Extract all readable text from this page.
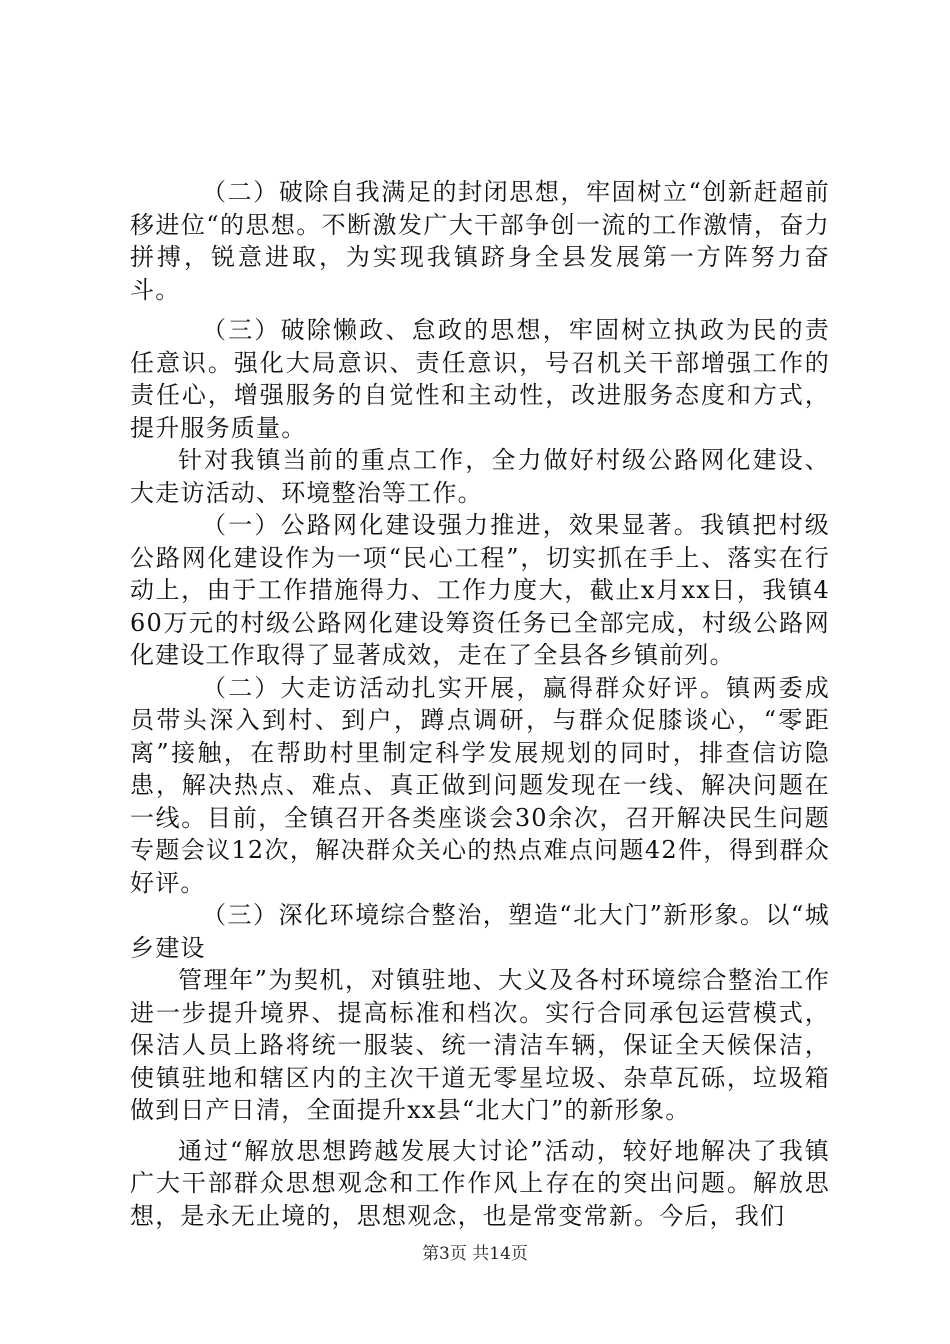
（二）破除自我满足的封闭思想，牢固树立“创新赶超前移进位“的思想。不断激发广大干部争创一流的工作激情，奋力拼搏，锐意进取，为实现我镇跻身全县发展第一方阵努力奋斗。

（三）破除懒政、怠政的思想，牢固树立执政为民的责任意识。强化大局意识、责任意识，号召机关干部增强工作的责任心，增强服务的自觉性和主动性，改进服务态度和方式，提升服务质量。

针对我镇当前的重点工作，全力做好村级公路网化建设、大走访活动、环境整治等工作。

（一）公路网化建设强力推进，效果显著。我镇把村级公路网化建设作为一项“民心工程”，切实抓在手上、落实在行动上，由于工作措施得力、工作力度大，截止x月xx日，我镇460万元的村级公路网化建设筹资任务已全部完成，村级公路网化建设工作取得了显著成效，走在了全县各乡镇前列。

（二）大走访活动扎实开展，赢得群众好评。镇两委成员带头深入到村、到户，蹲点调研，与群众促膝谈心，“零距离”接触，在帮助村里制定科学发展规划的同时，排查信访隐患，解决热点、难点、真正做到问题发现在一线、解决问题在一线。目前，全镇召开各类座谈会30余次，召开解决民生问题专题会议12次，解决群众关心的热点难点问题42件，得到群众好评。

（三）深化环境综合整治，塑造“北大门”新形象。以“城乡建设

管理年”为契机，对镇驻地、大义及各村环境综合整治工作进一步提升境界、提高标准和档次。实行合同承包运营模式，保洁人员上路将统一服装、统一清洁车辆，保证全天候保洁，使镇驻地和辖区内的主次干道无零星垃圾、杂草瓦砾，垃圾箱做到日产日清，全面提升xx县“北大门”的新形象。

通过“解放思想跨越发展大讨论”活动，较好地解决了我镇广大干部群众思想观念和工作作风上存在的突出问题。解放思想，是永无止境的，思想观念，也是常变常新。今后，我们

第3页 共14页
